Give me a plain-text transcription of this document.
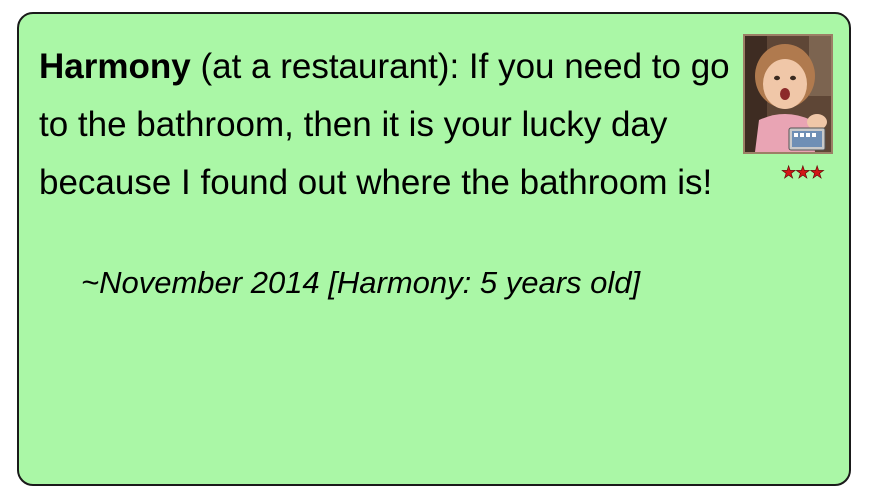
Harmony (at a restaurant): If you need to go to the bathroom, then it is your lucky day because I found out where the bathroom is!

~November 2014 [Harmony: 5 years old]
★★★
